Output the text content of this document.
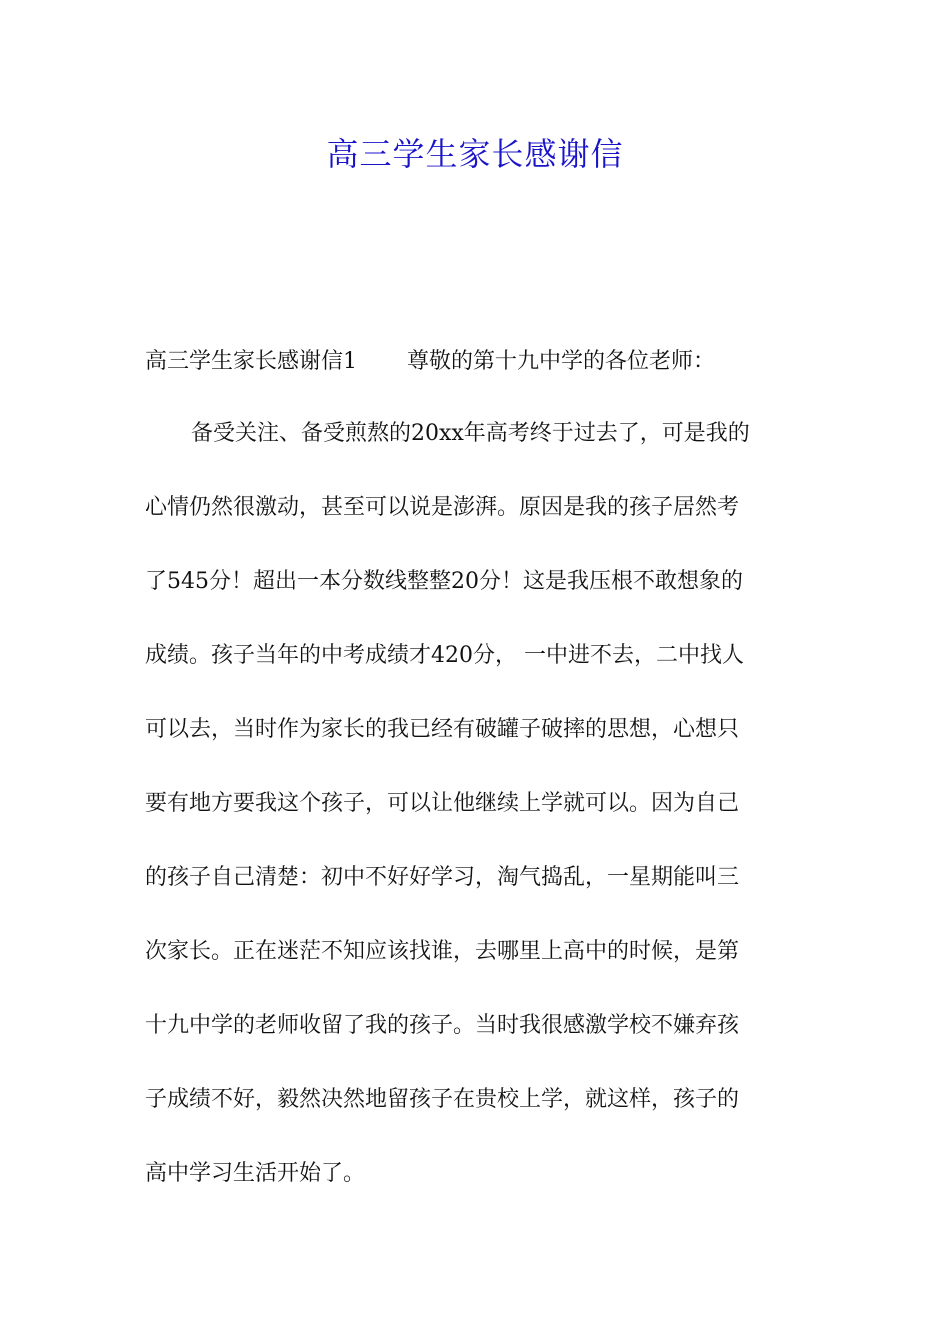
高三学生家长感谢信
高三学生家长感谢信1 尊敬的第十九中学的各位老师：
备受关注、备受煎熬的20xx年高考终于过去了，可是我的
心情仍然很激动，甚至可以说是澎湃。原因是我的孩子居然考
了545分！超出一本分数线整整20分！这是我压根不敢想象的
成绩。孩子当年的中考成绩才420分， 一中进不去，二中找人
可以去，当时作为家长的我已经有破罐子破摔的思想，心想只
要有地方要我这个孩子，可以让他继续上学就可以。因为自己
的孩子自己清楚：初中不好好学习，淘气捣乱，一星期能叫三
次家长。正在迷茫不知应该找谁，去哪里上高中的时候，是第
十九中学的老师收留了我的孩子。当时我很感激学校不嫌弃孩
子成绩不好，毅然决然地留孩子在贵校上学，就这样，孩子的
高中学习生活开始了。
